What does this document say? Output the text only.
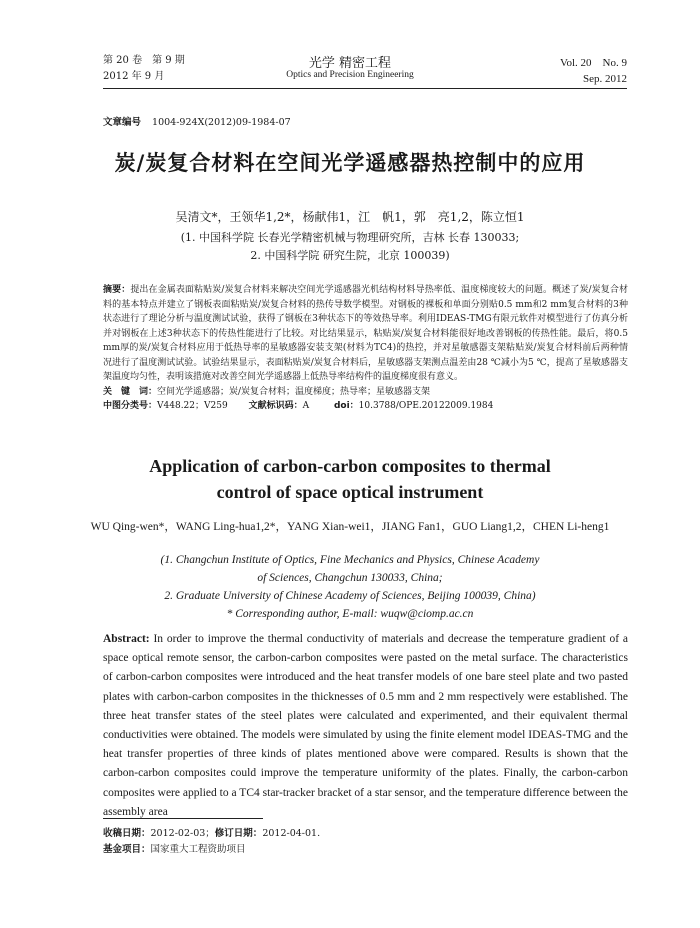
第 20 卷　第 9 期
2012 年 9 月
光学 精密工程
Optics and Precision Engineering
Vol. 20　No. 9
Sep. 2012
文章编号 1004-924X(2012)09-1984-07
炭/炭复合材料在空间光学遥感器热控制中的应用
吴清文*，王领华1,2*，杨献伟1，江　帆1，郭　亮1,2，陈立恒1
(1. 中国科学院 长春光学精密机械与物理研究所，吉林 长春 130033;
2. 中国科学院 研究生院，北京 100039)
摘要：提出在金属表面粘贴炭/炭复合材料来解决空间光学遥感器光机结构材料导热率低、温度梯度较大的问题。概述了炭/炭复合材料的基本特点并建立了钢板表面粘贴炭/炭复合材料的热传导数学模型。对钢板的裸板和单面分别贴0.5 mm和2 mm复合材料的3种状态进行了理论分析与温度测试试验，获得了钢板在3种状态下的等效热导率。利用IDEAS-TMG有限元软件对模型进行了仿真分析并对钢板在上述3种状态下的传热性能进行了比较。对比结果显示，粘贴炭/炭复合材料能很好地改善钢板的传热性能。最后，将0.5 mm厚的炭/炭复合材料应用于低热导率的星敏感器安装支架(材料为TC4)的热控，并对星敏感器支架粘贴炭/炭复合材料前后两种情况进行了温度测试试验。试验结果显示，表面粘贴炭/炭复合材料后，星敏感器支架测点温差由28 ℃减小为5 ℃，提高了星敏感器支架温度均匀性，表明该措施对改善空间光学遥感器上低热导率结构件的温度梯度很有意义。
关　键　词：空间光学遥感器；炭/炭复合材料；温度梯度；热导率；星敏感器支架
中图分类号：V448.22；V259 文献标识码：A	doi：10.3788/OPE.20122009.1984
Application of carbon-carbon composites to thermal
control of space optical instrument
WU Qing-wen*，WANG Ling-hua1,2*，YANG Xian-wei1，JIANG Fan1，GUO Liang1,2，CHEN Li-heng1
(1. Changchun Institute of Optics, Fine Mechanics and Physics, Chinese Academy
of Sciences, Changchun 130033, China;
2. Graduate University of Chinese Academy of Sciences, Beijing 100039, China)
* Corresponding author, E-mail: wuqw@ciomp.ac.cn
Abstract: In order to improve the thermal conductivity of materials and decrease the temperature gradient of a space optical remote sensor, the carbon-carbon composites were pasted on the metal surface. The characteristics of carbon-carbon composites were introduced and the heat transfer models of one bare steel plate and two pasted plates with carbon-carbon composites in the thicknesses of 0.5 mm and 2 mm respectively were established. The three heat transfer states of the steel plates were calculated and experimented, and their equivalent thermal conductivities were obtained. The models were simulated by using the finite element model IDEAS-TMG and the heat transfer properties of three kinds of plates mentioned above were compared. Results is shown that the carbon-carbon composites could improve the temperature uniformity of the plates. Finally, the carbon-carbon composites were applied to a TC4 star-tracker bracket of a star sensor, and the temperature difference between the assembly area
收稿日期：2012-02-03；修订日期：2012-04-01.
基金项目：国家重大工程资助项目
